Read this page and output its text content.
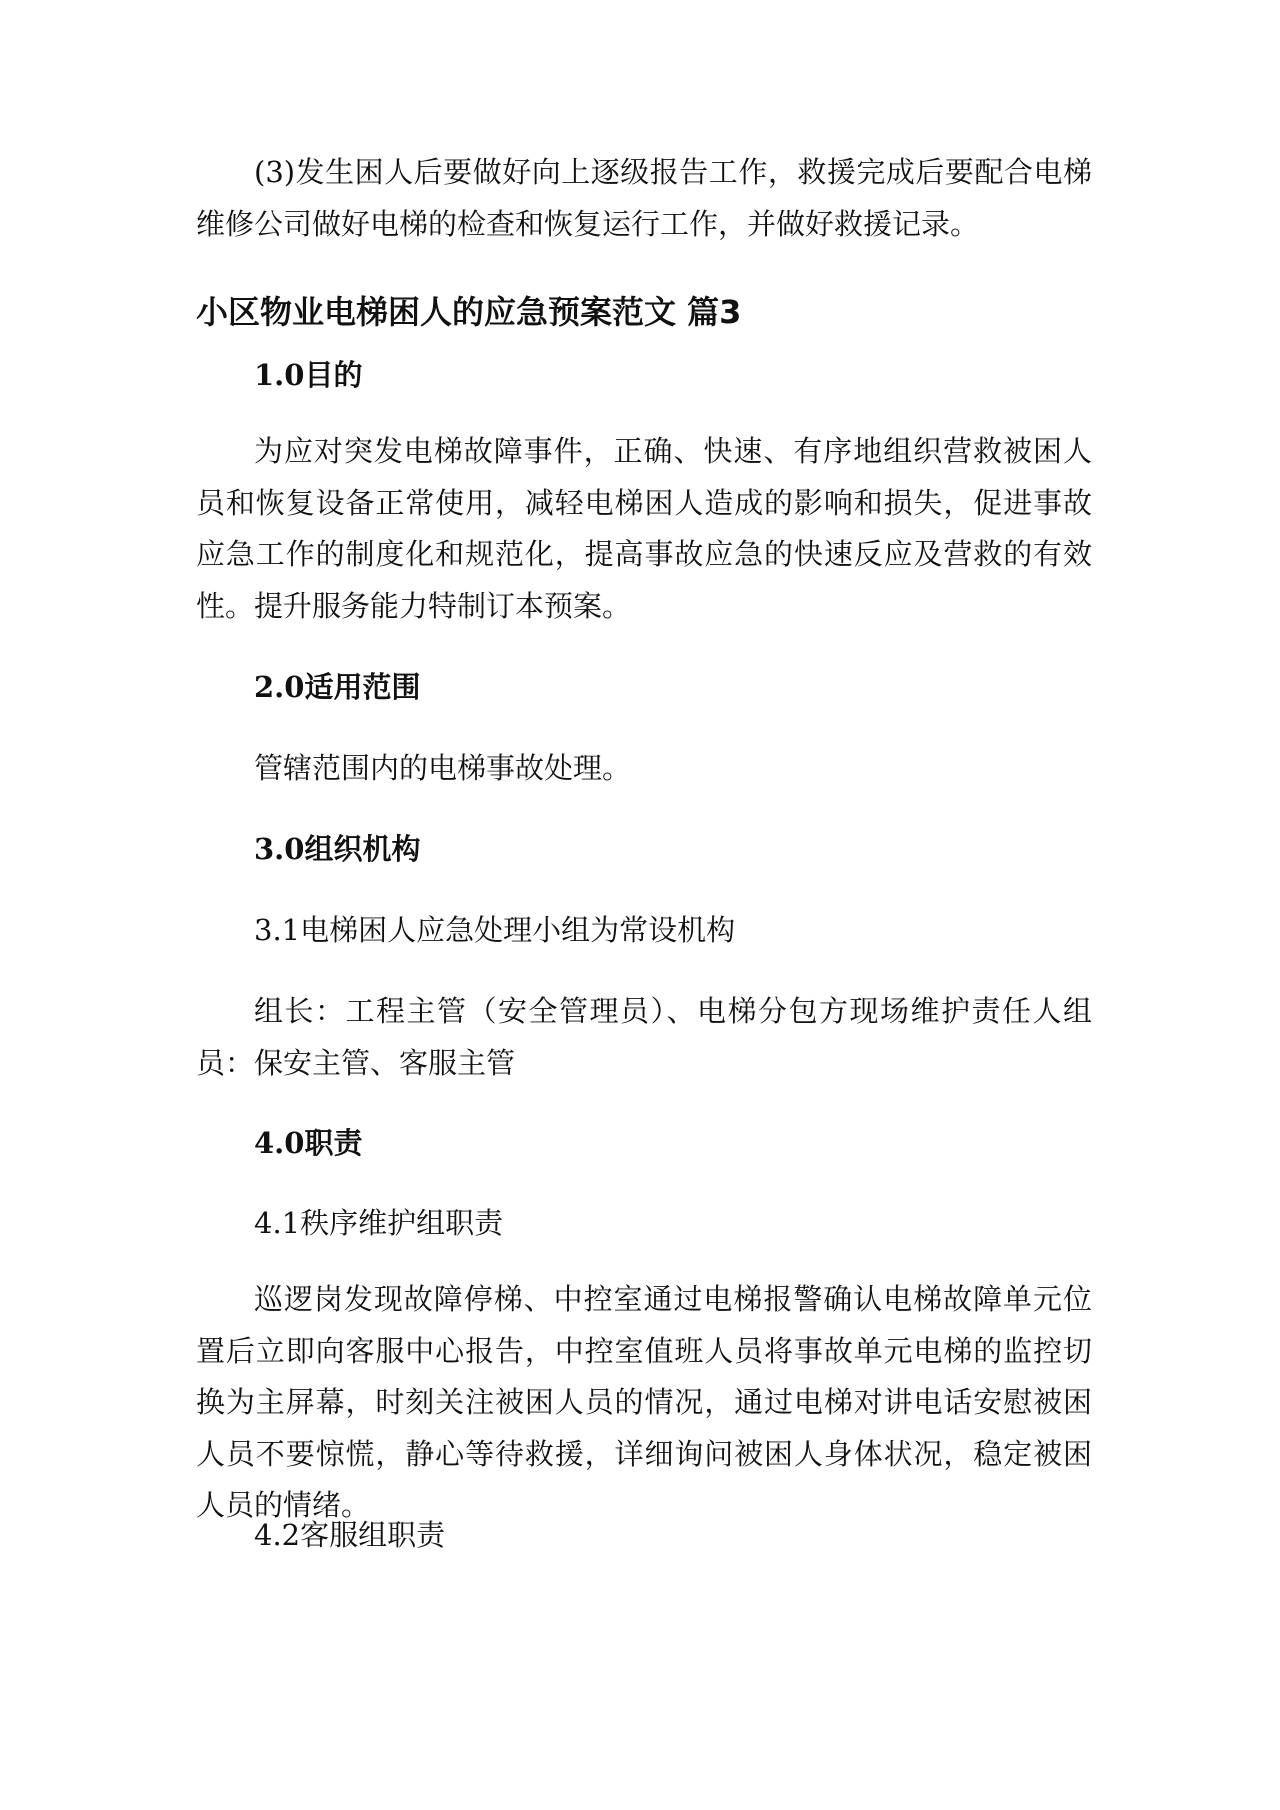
(3)发生困人后要做好向上逐级报告工作，救援完成后要配合电梯维修公司做好电梯的检查和恢复运行工作，并做好救援记录。
小区物业电梯困人的应急预案范文 篇3
1.0目的
为应对突发电梯故障事件，正确、快速、有序地组织营救被困人员和恢复设备正常使用，减轻电梯困人造成的影响和损失，促进事故应急工作的制度化和规范化，提高事故应急的快速反应及营救的有效性。提升服务能力特制订本预案。
2.0适用范围
管辖范围内的电梯事故处理。
3.0组织机构
3.1电梯困人应急处理小组为常设机构
组长：工程主管（安全管理员）、电梯分包方现场维护责任人组员：保安主管、客服主管
4.0职责
4.1秩序维护组职责
巡逻岗发现故障停梯、中控室通过电梯报警确认电梯故障单元位置后立即向客服中心报告，中控室值班人员将事故单元电梯的监控切换为主屏幕，时刻关注被困人员的情况，通过电梯对讲电话安慰被困人员不要惊慌，静心等待救援，详细询问被困人身体状况，稳定被困人员的情绪。
4.2客服组职责
